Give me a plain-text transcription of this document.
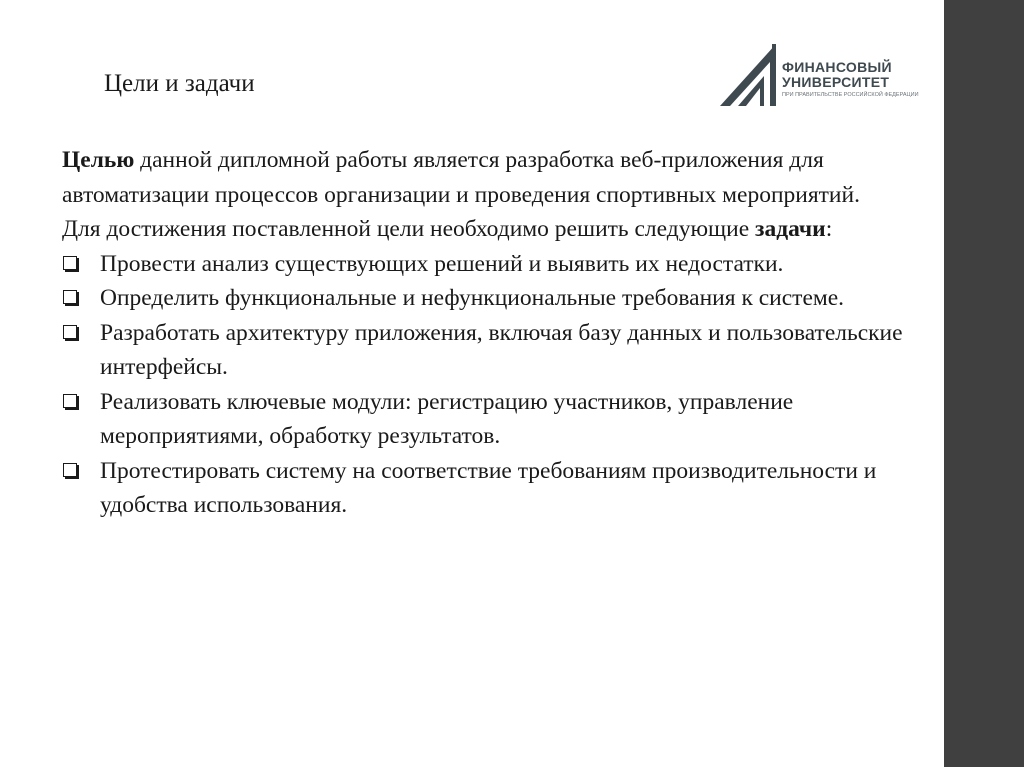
Цели и задачи
ФИНАНСОВЫЙ
УНИВЕРСИТЕТ
ПРИ ПРАВИТЕЛЬСТВЕ РОССИЙСКОЙ ФЕДЕРАЦИИ

Целью данной дипломной работы является разработка веб-приложения для автоматизации процессов организации и проведения спортивных мероприятий.

Для достижения поставленной цели необходимо решить следующие задачи:

Провести анализ существующих решений и выявить их недостатки.
Определить функциональные и нефункциональные требования к системе.
Разработать архитектуру приложения, включая базу данных и пользовательские интерфейсы.
Реализовать ключевые модули: регистрацию участников, управление мероприятиями, обработку результатов.
Протестировать систему на соответствие требованиям производительности и удобства использования.
